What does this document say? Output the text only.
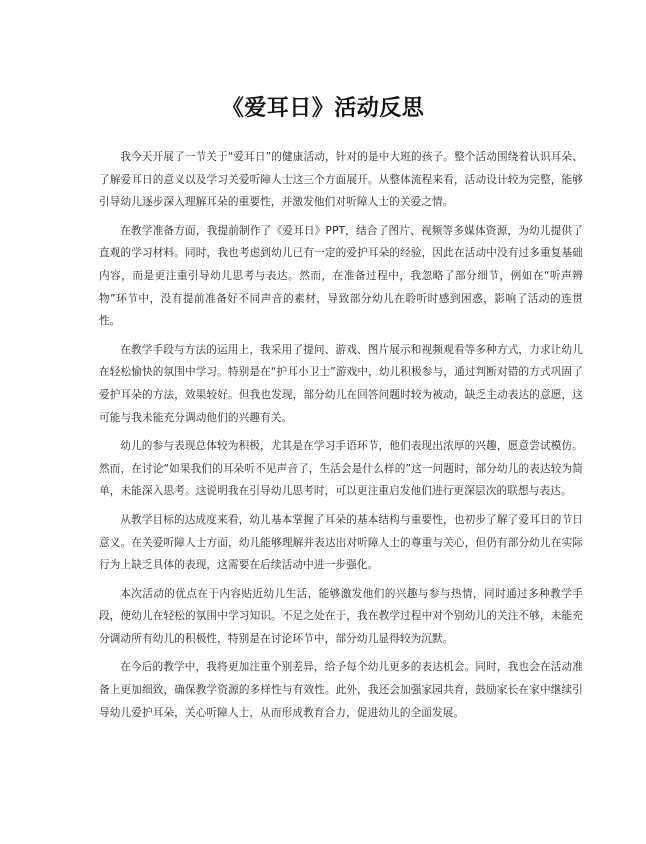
《爱耳日》活动反思

我今天开展了一节关于“爱耳日”的健康活动，针对的是中大班的孩子。整个活动围绕着认识耳朵、了解爱耳日的意义以及学习关爱听障人士这三个方面展开。从整体流程来看，活动设计较为完整，能够引导幼儿逐步深入理解耳朵的重要性，并激发他们对听障人士的关爱之情。

在教学准备方面，我提前制作了《爱耳日》PPT，结合了图片、视频等多媒体资源，为幼儿提供了直观的学习材料。同时，我也考虑到幼儿已有一定的爱护耳朵的经验，因此在活动中没有过多重复基础内容，而是更注重引导幼儿思考与表达。然而，在准备过程中，我忽略了部分细节，例如在“听声辨物”环节中，没有提前准备好不同声音的素材，导致部分幼儿在聆听时感到困惑，影响了活动的连贯性。

在教学手段与方法的运用上，我采用了提问、游戏、图片展示和视频观看等多种方式，力求让幼儿在轻松愉快的氛围中学习。特别是在“护耳小卫士”游戏中，幼儿积极参与，通过判断对错的方式巩固了爱护耳朵的方法，效果较好。但我也发现，部分幼儿在回答问题时较为被动，缺乏主动表达的意愿，这可能与我未能充分调动他们的兴趣有关。

幼儿的参与表现总体较为积极，尤其是在学习手语环节，他们表现出浓厚的兴趣，愿意尝试模仿。然而，在讨论“如果我们的耳朵听不见声音了，生活会是什么样的”这一问题时，部分幼儿的表达较为简单，未能深入思考。这说明我在引导幼儿思考时，可以更注重启发他们进行更深层次的联想与表达。

从教学目标的达成度来看，幼儿基本掌握了耳朵的基本结构与重要性，也初步了解了爱耳日的节日意义。在关爱听障人士方面，幼儿能够理解并表达出对听障人士的尊重与关心，但仍有部分幼儿在实际行为上缺乏具体的表现，这需要在后续活动中进一步强化。

本次活动的优点在于内容贴近幼儿生活，能够激发他们的兴趣与参与热情，同时通过多种教学手段，使幼儿在轻松的氛围中学习知识。不足之处在于，我在教学过程中对个别幼儿的关注不够，未能充分调动所有幼儿的积极性，特别是在讨论环节中，部分幼儿显得较为沉默。

在今后的教学中，我将更加注重个别差异，给予每个幼儿更多的表达机会。同时，我也会在活动准备上更加细致，确保教学资源的多样性与有效性。此外，我还会加强家园共育，鼓励家长在家中继续引导幼儿爱护耳朵，关心听障人士，从而形成教育合力，促进幼儿的全面发展。
